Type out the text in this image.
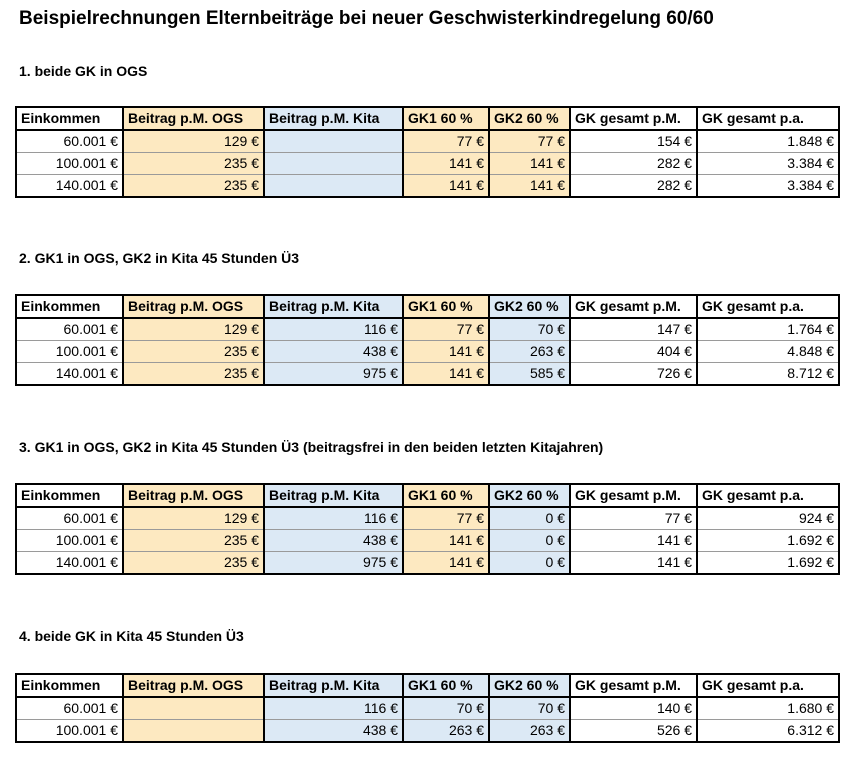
Beispielrechnungen Elternbeiträge bei neuer Geschwisterkindregelung 60/60
1. beide GK in OGS
2. GK1 in OGS, GK2 in Kita 45 Stunden Ü3
3. GK1 in OGS, GK2 in Kita 45 Stunden Ü3 (beitragsfrei in den beiden letzten Kitajahren)
4. beide GK in Kita 45 Stunden Ü3
Einkommen	Beitrag p.M. OGS	Beitrag p.M. Kita	GK1 60 %	GK2 60 %	GK gesamt p.M.	GK gesamt p.a.
60.001 €	129 €		77 €	77 €	154 €	1.848 €
100.001 €	235 €		141 €	141 €	282 €	3.384 €
140.001 €	235 €		141 €	141 €	282 €	3.384 €
Einkommen	Beitrag p.M. OGS	Beitrag p.M. Kita	GK1 60 %	GK2 60 %	GK gesamt p.M.	GK gesamt p.a.
60.001 €	129 €	116 €	77 €	70 €	147 €	1.764 €
100.001 €	235 €	438 €	141 €	263 €	404 €	4.848 €
140.001 €	235 €	975 €	141 €	585 €	726 €	8.712 €
Einkommen	Beitrag p.M. OGS	Beitrag p.M. Kita	GK1 60 %	GK2 60 %	GK gesamt p.M.	GK gesamt p.a.
60.001 €	129 €	116 €	77 €	0 €	77 €	924 €
100.001 €	235 €	438 €	141 €	0 €	141 €	1.692 €
140.001 €	235 €	975 €	141 €	0 €	141 €	1.692 €
Einkommen	Beitrag p.M. OGS	Beitrag p.M. Kita	GK1 60 %	GK2 60 %	GK gesamt p.M.	GK gesamt p.a.
60.001 €		116 €	70 €	70 €	140 €	1.680 €
100.001 €		438 €	263 €	263 €	526 €	6.312 €
